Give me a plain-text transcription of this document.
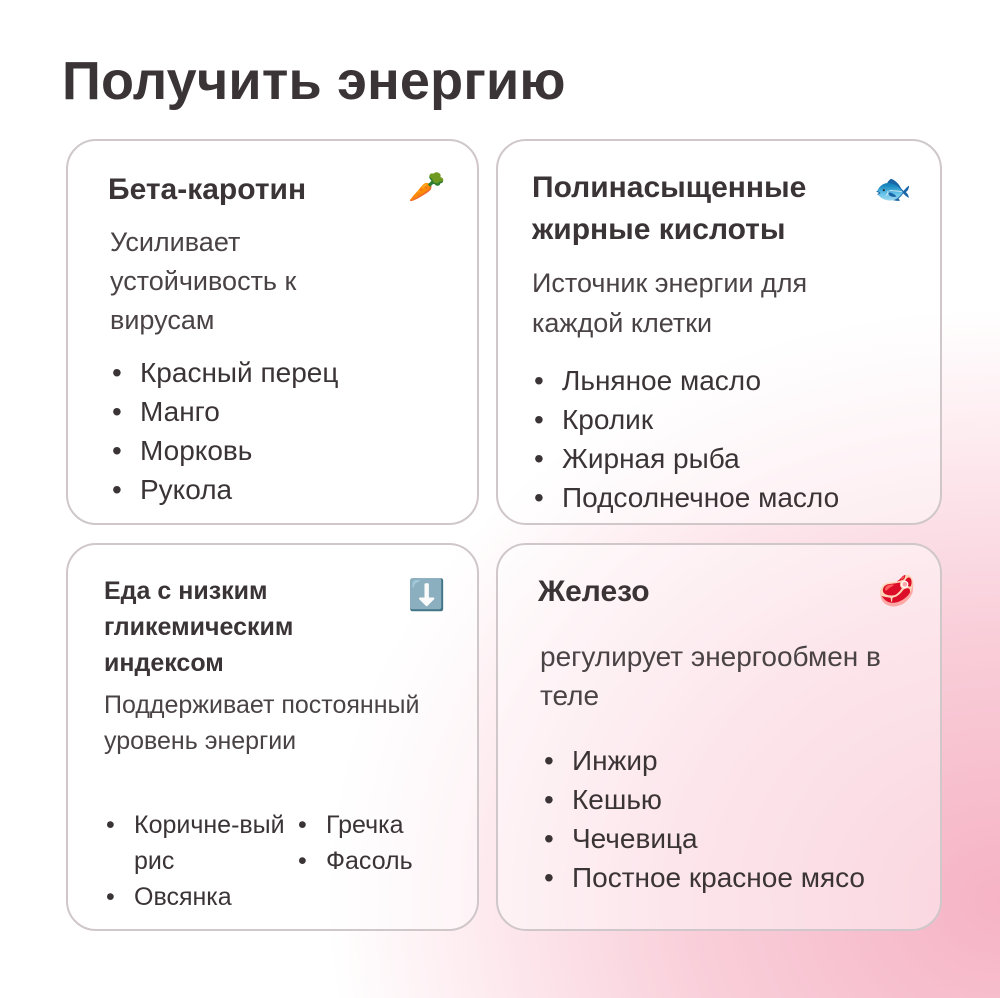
Получить энергию
Бета-каротин	🥕

Усиливает устойчивость к вирусам

• Красный перец
• Манго
• Морковь
• Рукола
Полинасыщенные жирные кислоты
🐟

Источник энергии для каждой клетки

• Льняное масло
• Кролик
• Жирная рыба
• Подсолнечное масло
Еда с низким гликемическим индексом
⬇️

Поддерживает постоянный уровень энергии

• Коричне-вый рис
• Овсянка
• Гречка
• Фасоль
Железо	🥩

регулирует энергообмен в теле

• Инжир
• Кешью
• Чечевица
• Постное красное мясо
